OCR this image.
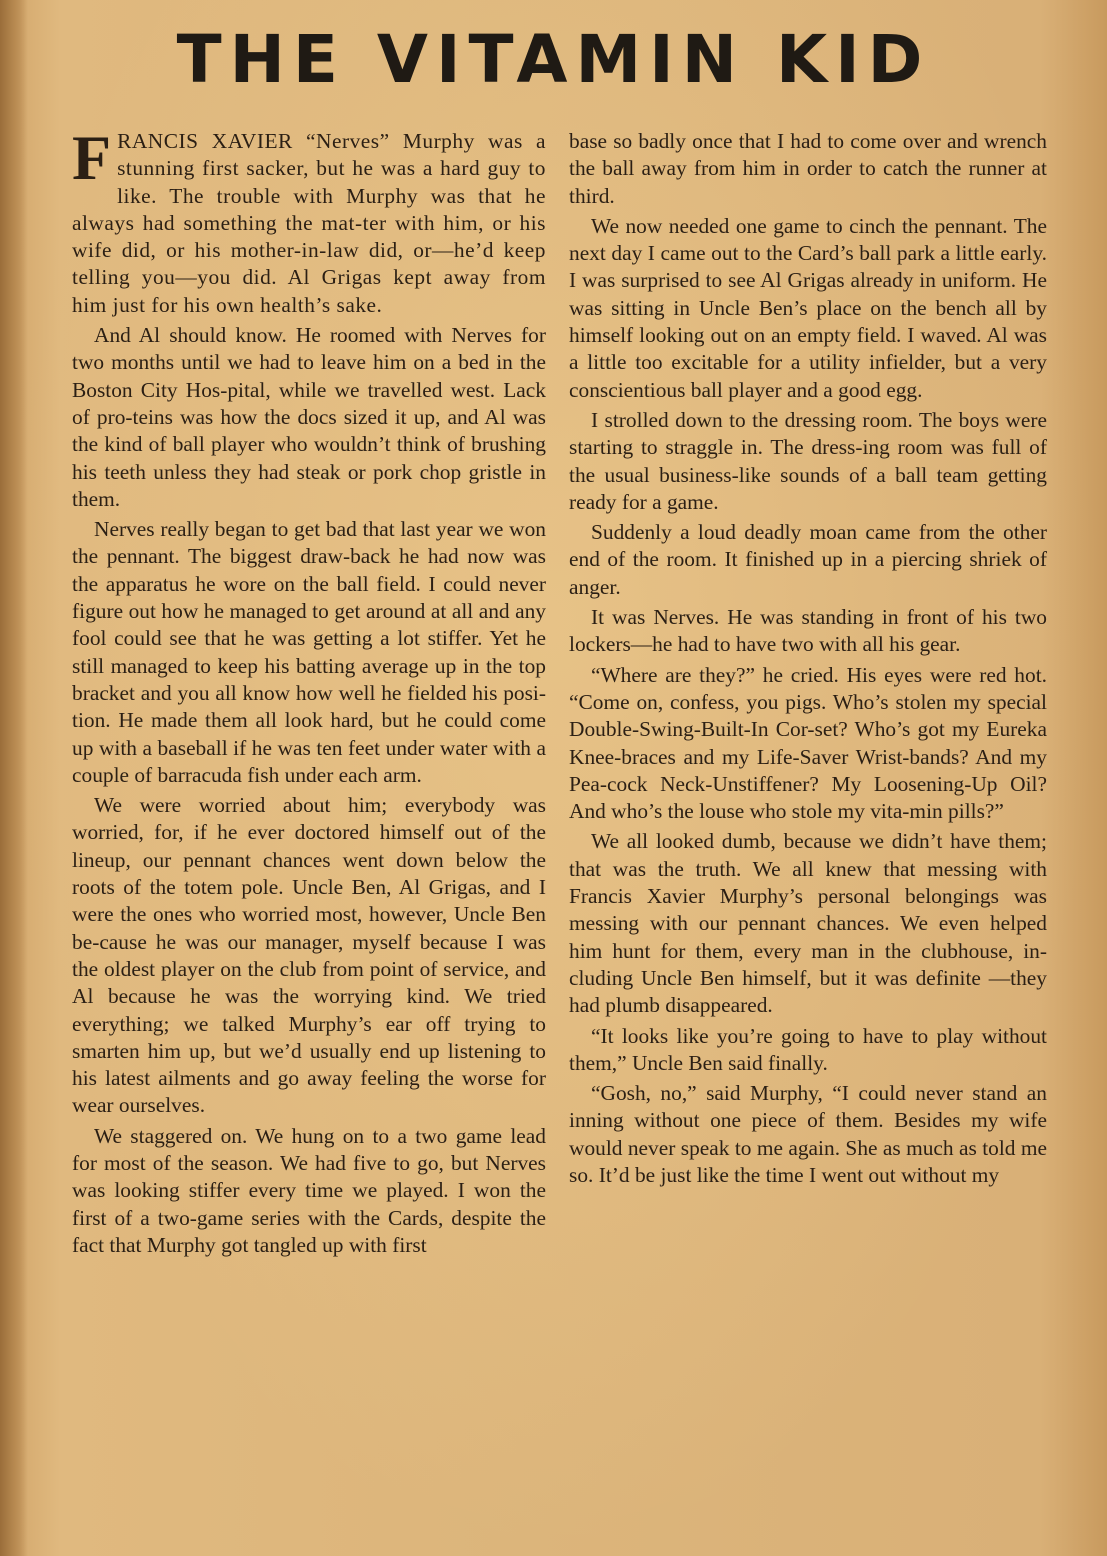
THE VITAMIN KID

FRANCIS XAVIER “Nerves” Murphy was a stunning first sacker, but he was a hard guy to like. The trouble with Murphy was that he always had something the mat-ter with him, or his wife did, or his mother-in-law did, or—he’d keep telling you—you did. Al Grigas kept away from him just for his own health’s sake.

And Al should know. He roomed with Nerves for two months until we had to leave him on a bed in the Boston City Hos-pital, while we travelled west. Lack of pro-teins was how the docs sized it up, and Al was the kind of ball player who wouldn’t think of brushing his teeth unless they had steak or pork chop gristle in them.

Nerves really began to get bad that last year we won the pennant. The biggest draw-back he had now was the apparatus he wore on the ball field. I could never figure out how he managed to get around at all and any fool could see that he was getting a lot stiffer. Yet he still managed to keep his batting average up in the top bracket and you all know how well he fielded his posi-tion. He made them all look hard, but he could come up with a baseball if he was ten feet under water with a couple of barracuda fish under each arm.

We were worried about him; everybody was worried, for, if he ever doctored himself out of the lineup, our pennant chances went down below the roots of the totem pole. Uncle Ben, Al Grigas, and I were the ones who worried most, however, Uncle Ben be-cause he was our manager, myself because I was the oldest player on the club from point of service, and Al because he was the worrying kind. We tried everything; we talked Murphy’s ear off trying to smarten him up, but we’d usually end up listening to his latest ailments and go away feeling the worse for wear ourselves.

We staggered on. We hung on to a two game lead for most of the season. We had five to go, but Nerves was looking stiffer every time we played. I won the first of a two-game series with the Cards, despite the fact that Murphy got tangled up with first

base so badly once that I had to come over and wrench the ball away from him in order to catch the runner at third.

We now needed one game to cinch the pennant. The next day I came out to the Card’s ball park a little early. I was surprised to see Al Grigas already in uniform. He was sitting in Uncle Ben’s place on the bench all by himself looking out on an empty field. I waved. Al was a little too excitable for a utility infielder, but a very conscientious ball player and a good egg.

I strolled down to the dressing room. The boys were starting to straggle in. The dress-ing room was full of the usual business-like sounds of a ball team getting ready for a game.

Suddenly a loud deadly moan came from the other end of the room. It finished up in a piercing shriek of anger.

It was Nerves. He was standing in front of his two lockers—he had to have two with all his gear.

“Where are they?” he cried. His eyes were red hot. “Come on, confess, you pigs. Who’s stolen my special Double-Swing-Built-In Cor-set? Who’s got my Eureka Knee-braces and my Life-Saver Wrist-bands? And my Pea-cock Neck-Unstiffener? My Loosening-Up Oil? And who’s the louse who stole my vita-min pills?”

We all looked dumb, because we didn’t have them; that was the truth. We all knew that messing with Francis Xavier Murphy’s personal belongings was messing with our pennant chances. We even helped him hunt for them, every man in the clubhouse, in-cluding Uncle Ben himself, but it was definite —they had plumb disappeared.

“It looks like you’re going to have to play without them,” Uncle Ben said finally.

“Gosh, no,” said Murphy, “I could never stand an inning without one piece of them. Besides my wife would never speak to me again. She as much as told me so. It’d be just like the time I went out without my
